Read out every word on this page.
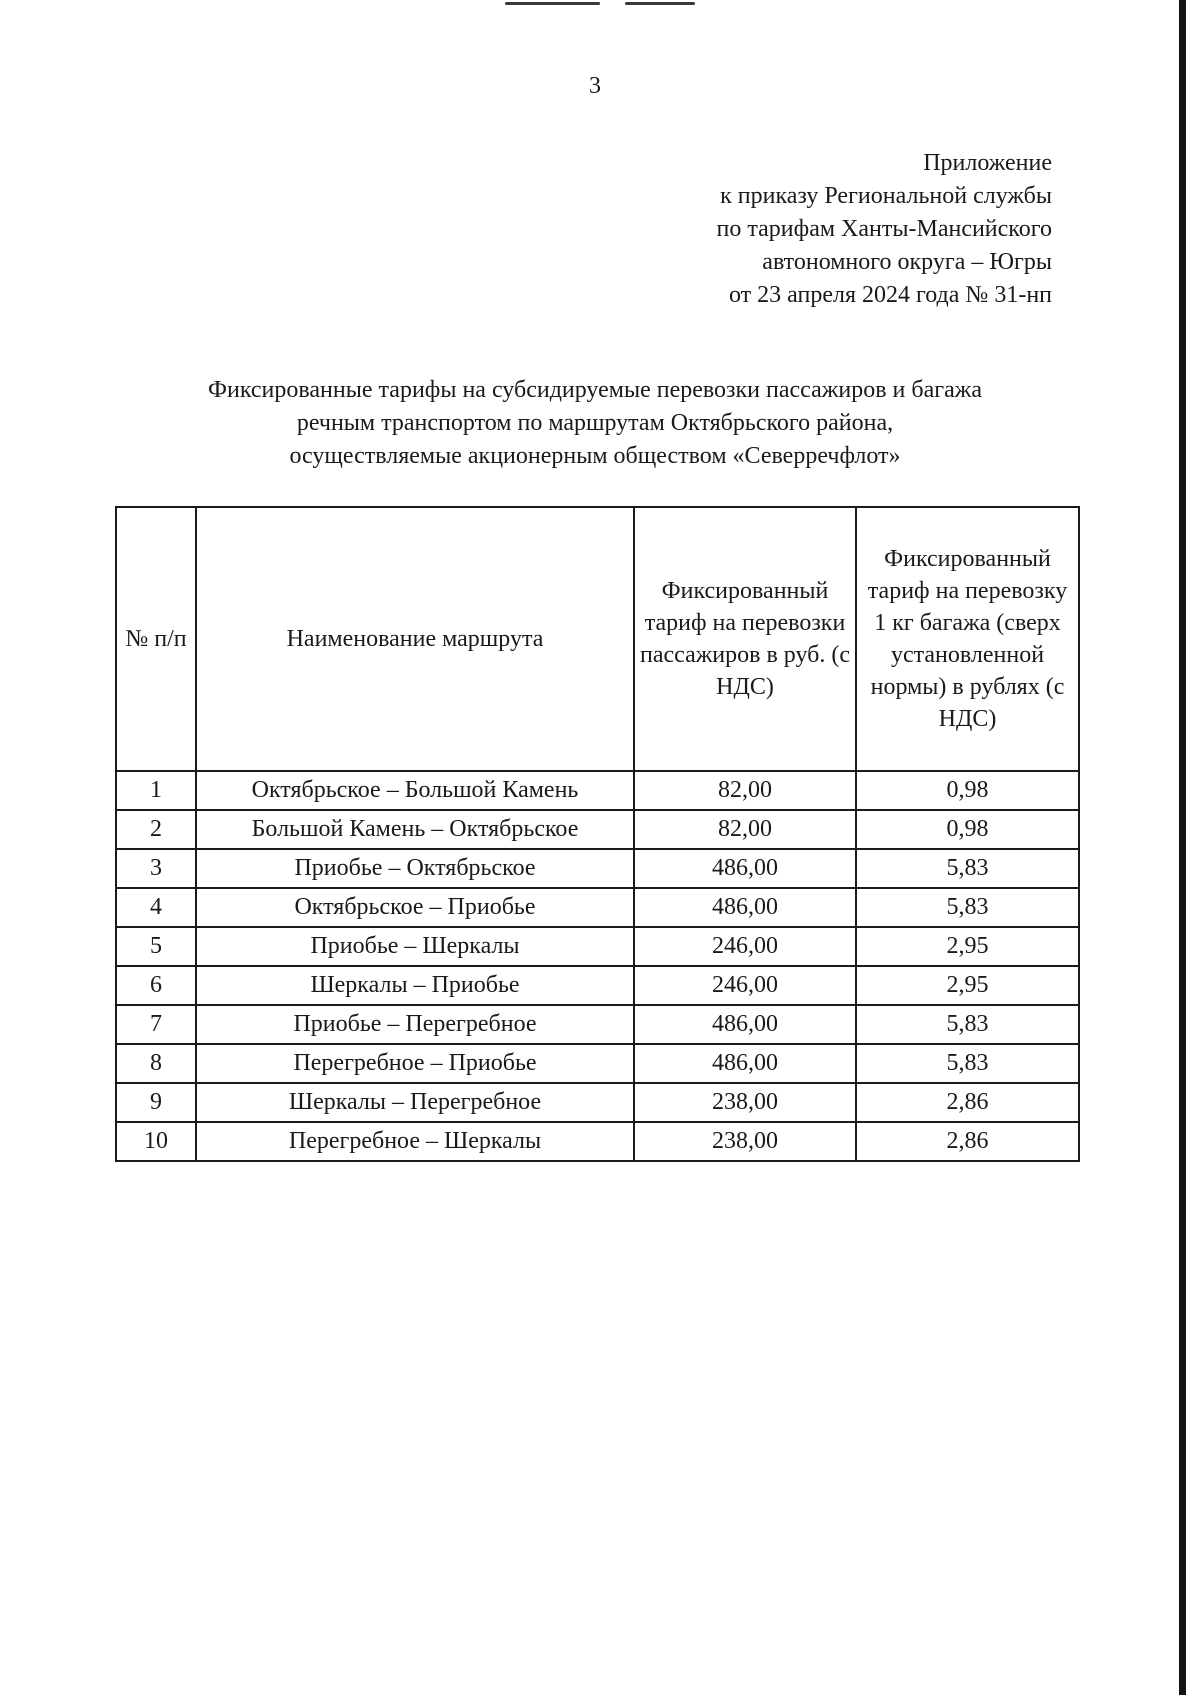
3
Приложение
к приказу Региональной службы
по тарифам Ханты-Мансийского
автономного округа – Югры
от 23 апреля 2024 года № 31-нп
Фиксированные тарифы на субсидируемые перевозки пассажиров и багажа
речным транспортом по маршрутам Октябрьского района,
осуществляемые акционерным обществом «Северречфлот»
№ п/п	Наименование маршрута	Фиксированный тариф на перевозки пассажиров в руб. (с НДС)	Фиксированный тариф на перевозку 1 кг багажа (сверх установленной нормы) в рублях (с НДС)
1	Октябрьское – Большой Камень	82,00	0,98
2	Большой Камень – Октябрьское	82,00	0,98
3	Приобье – Октябрьское	486,00	5,83
4	Октябрьское – Приобье	486,00	5,83
5	Приобье – Шеркалы	246,00	2,95
6	Шеркалы – Приобье	246,00	2,95
7	Приобье – Перегребное	486,00	5,83
8	Перегребное – Приобье	486,00	5,83
9	Шеркалы – Перегребное	238,00	2,86
10	Перегребное – Шеркалы	238,00	2,86
